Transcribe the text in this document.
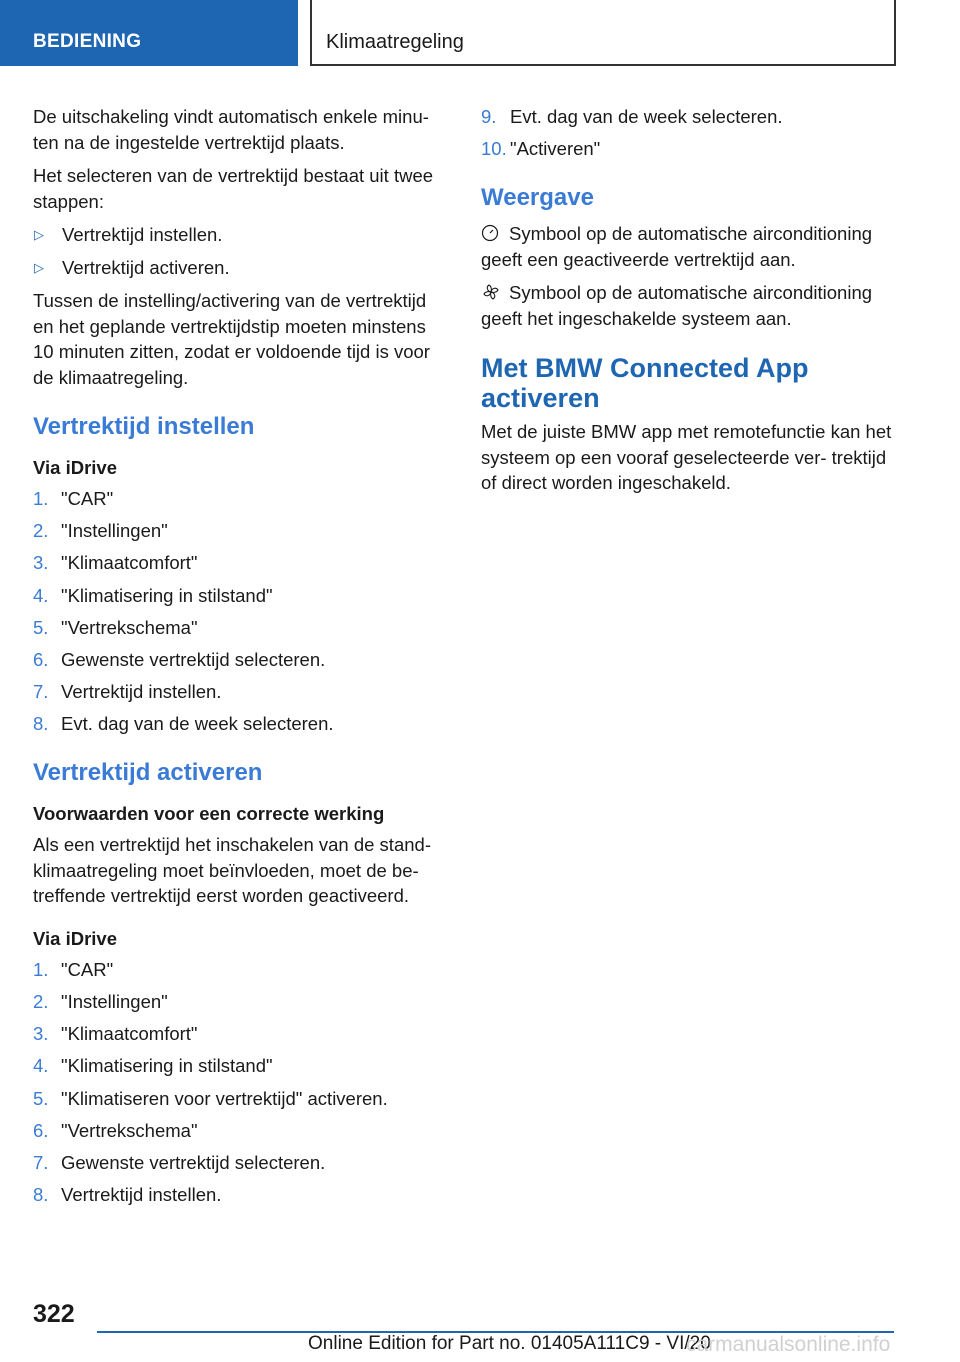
BEDIENING	Klimaatregeling

De uitschakeling vindt automatisch enkele minu- ten na de ingestelde vertrektijd plaats.

Het selecteren van de vertrektijd bestaat uit twee stappen:

▷ Vertrektijd instellen.
▷ Vertrektijd activeren.

Tussen de instelling/activering van de vertrektijd en het geplande vertrektijdstip moeten minstens 10 minuten zitten, zodat er voldoende tijd is voor de klimaatregeling.

Vertrektijd instellen
Via iDrive
1. "CAR"
2. "Instellingen"
3. "Klimaatcomfort"
4. "Klimatisering in stilstand"
5. "Vertrekschema"
6. Gewenste vertrektijd selecteren.
7. Vertrektijd instellen.
8. Evt. dag van de week selecteren.
Vertrektijd activeren
Voorwaarden voor een correcte werking

Als een vertrektijd het inschakelen van de stand- klimaatregeling moet beïnvloeden, moet de be- treffende vertrektijd eerst worden geactiveerd.

Via iDrive
1. "CAR"
2. "Instellingen"
3. "Klimaatcomfort"
4. "Klimatisering in stilstand"
5. "Klimatiseren voor vertrektijd" activeren.
6. "Vertrekschema"
7. Gewenste vertrektijd selecteren.
8. Vertrektijd instellen.
9. Evt. dag van de week selecteren.
10. "Activeren"
Weergave

Symbool op de automatische airconditioning geeft een geactiveerde vertrektijd aan.

Symbool op de automatische airconditioning geeft het ingeschakelde systeem aan.

Met BMW Connected App activeren

Met de juiste BMW app met remotefunctie kan het systeem op een vooraf geselecteerde ver- trektijd of direct worden ingeschakeld.

322
Online Edition for Part no. 01405A111C9 - VI/20
carmanualsonline.info
